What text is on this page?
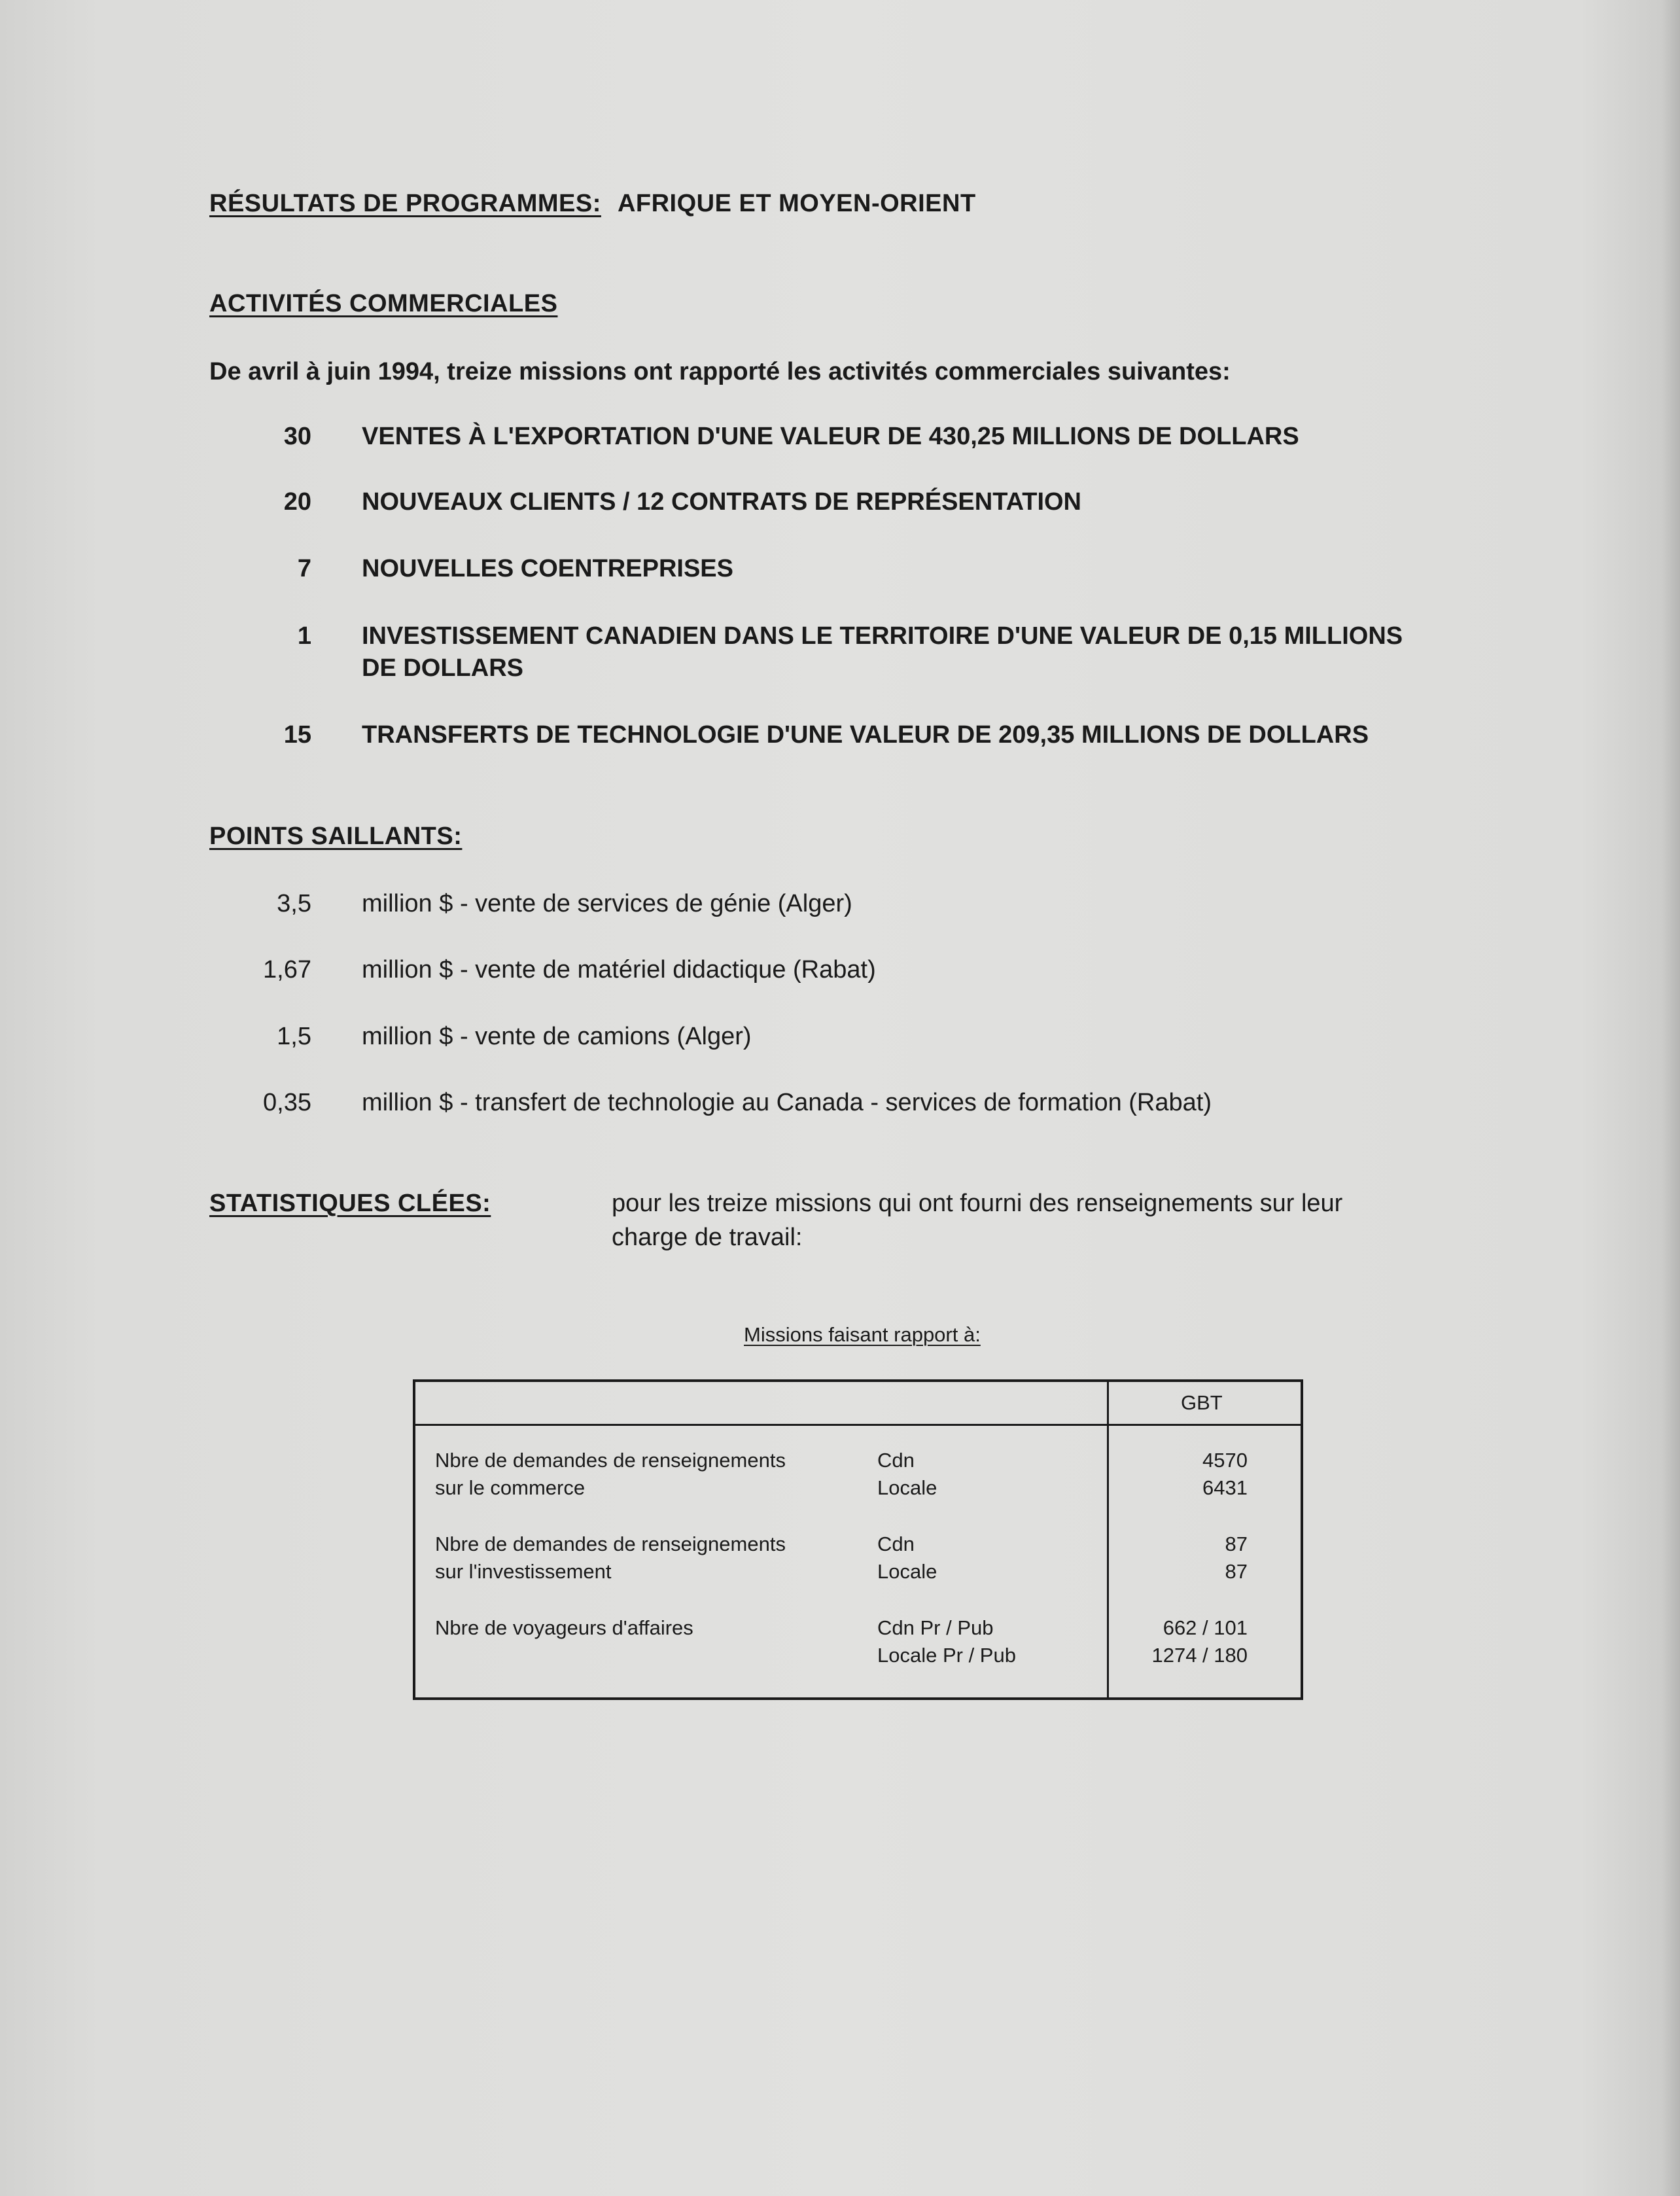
RÉSULTATS DE PROGRAMMES: AFRIQUE ET MOYEN-ORIENT
ACTIVITÉS COMMERCIALES
De avril à juin 1994, treize missions ont rapporté les activités commerciales suivantes:
30 VENTES À L'EXPORTATION D'UNE VALEUR DE 430,25 MILLIONS DE DOLLARS
20 NOUVEAUX CLIENTS / 12 CONTRATS DE REPRÉSENTATION
7 NOUVELLES COENTREPRISES
1 INVESTISSEMENT CANADIEN DANS LE TERRITOIRE D'UNE VALEUR DE 0,15 MILLIONS
DE DOLLARS
15 TRANSFERTS DE TECHNOLOGIE D'UNE VALEUR DE 209,35 MILLIONS DE DOLLARS
POINTS SAILLANTS:
3,5 million $ - vente de services de génie (Alger)
1,67 million $ - vente de matériel didactique (Rabat)
1,5 million $ - vente de camions (Alger)
0,35 million $ - transfert de technologie au Canada - services de formation (Rabat)
STATISTIQUES CLÉES:	pour les treize missions qui ont fourni des renseignements sur leur
charge de travail:
Missions faisant rapport à:
GBT
Nbre de demandes de renseignements
sur le commerce
Cdn
Locale
4570
6431
Nbre de demandes de renseignements
sur l'investissement
Cdn
Locale
87
87
Nbre de voyageurs d'affaires	Cdn Pr / Pub
Locale Pr / Pub
662 / 101
1274 / 180
